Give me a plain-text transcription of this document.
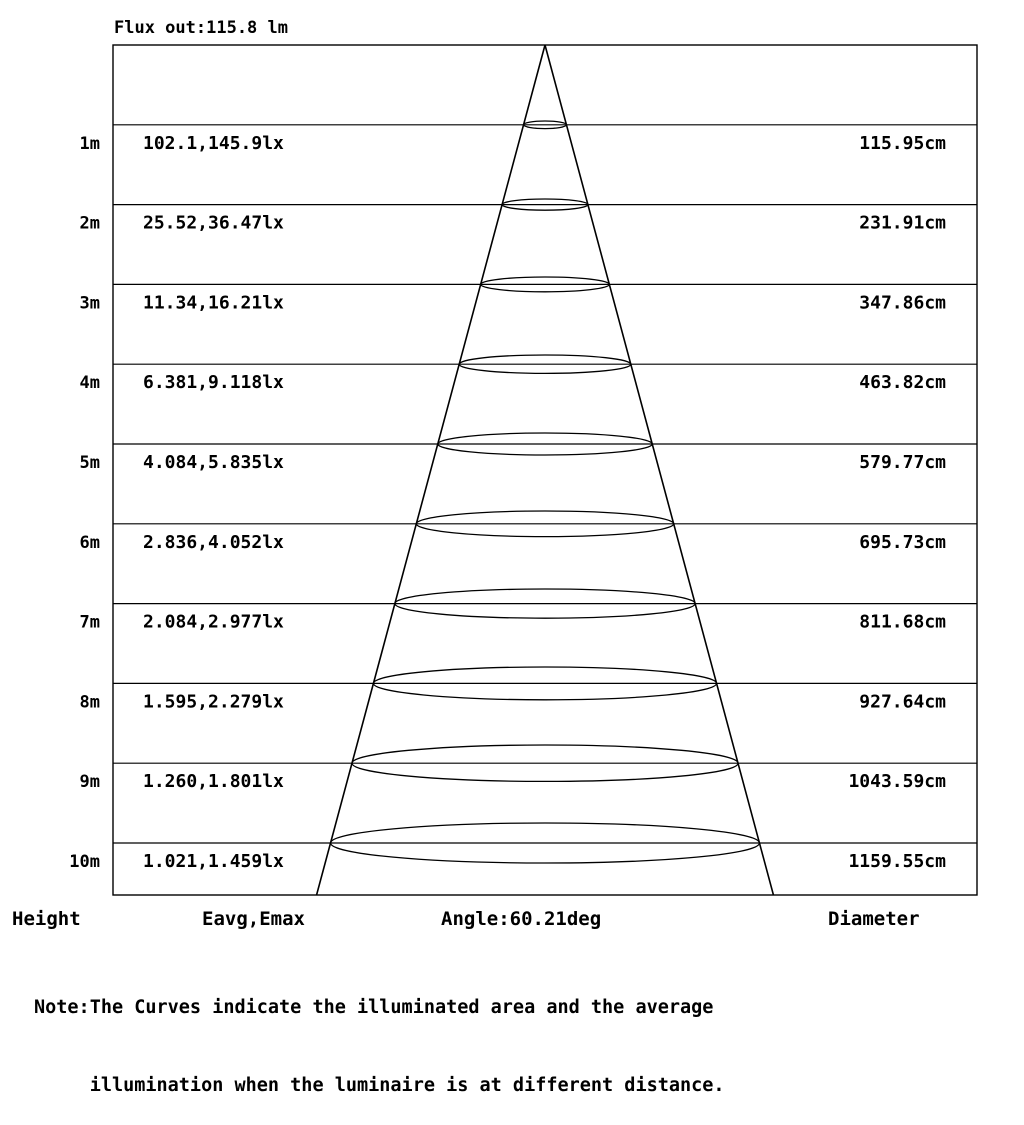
Flux out:115.8 lm
1m 102.1,145.9lx	115.95cm
2m 25.52,36.47lx	231.91cm
3m 11.34,16.21lx	347.86cm
4m 6.381,9.118lx	463.82cm
5m 4.084,5.835lx	579.77cm
6m 2.836,4.052lx	695.73cm
7m 2.084,2.977lx	811.68cm
8m 1.595,2.279lx	927.64cm
9m 1.260,1.801lx	1043.59cm
10m 1.021,1.459lx	1159.55cm
Height	Eavg,Emax	Angle:60.21deg	Diameter

Note:The Curves indicate the illuminated area and the average

illumination when the luminaire is at different distance.
